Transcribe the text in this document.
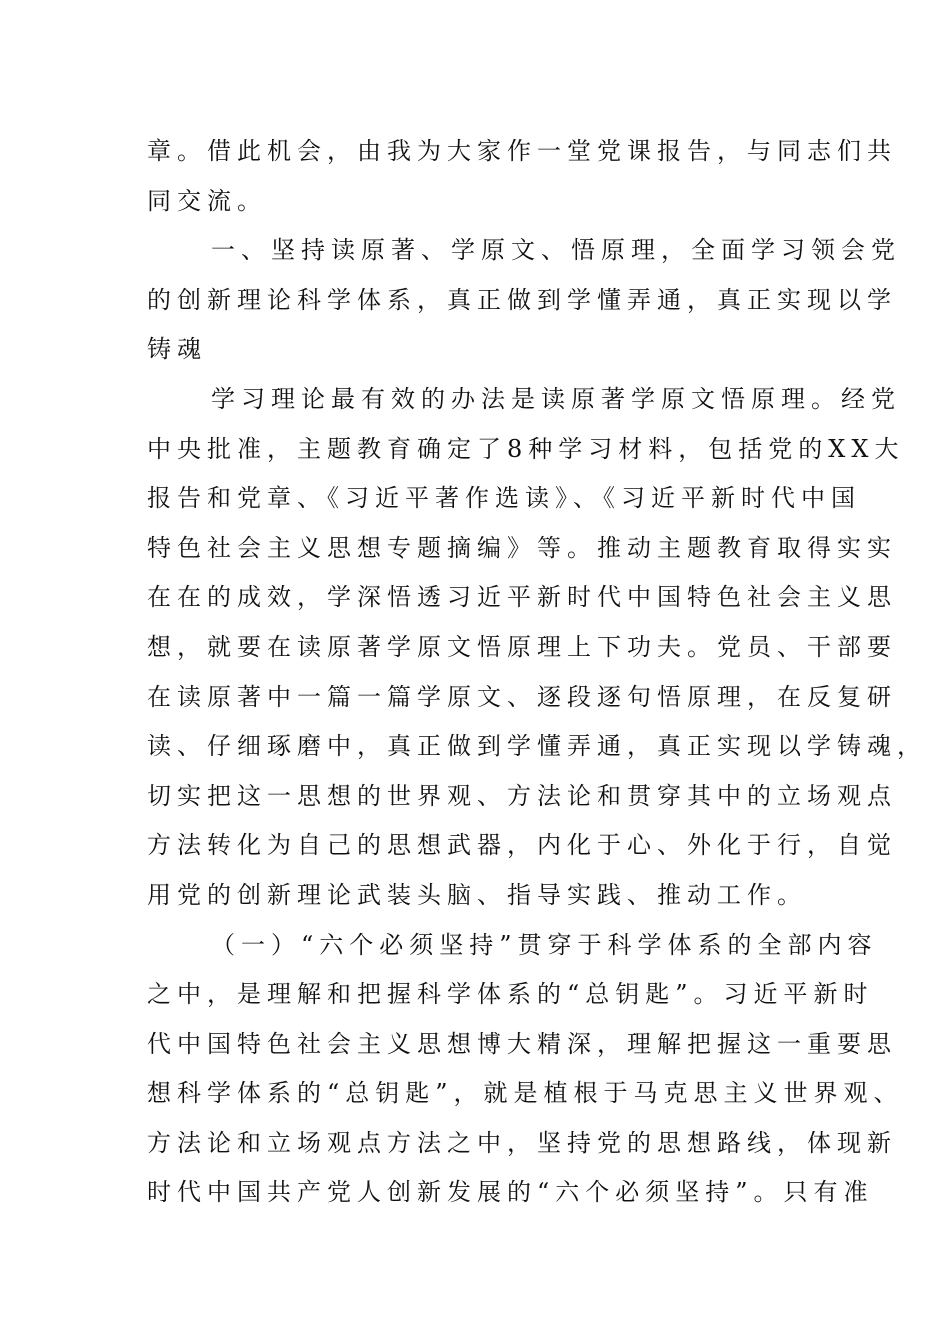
章。借此机会，由我为大家作一堂党课报告，与同志们共
同交流。
一、坚持读原著、学原文、悟原理，全面学习领会党
的创新理论科学体系，真正做到学懂弄通，真正实现以学
铸魂
学习理论最有效的办法是读原著学原文悟原理。经党
中央批准，主题教育确定了8种学习材料，包括党的XX大
报告和党章、《习近平著作选读》、《习近平新时代中国
特色社会主义思想专题摘编》等。推动主题教育取得实实
在在的成效，学深悟透习近平新时代中国特色社会主义思
想，就要在读原著学原文悟原理上下功夫。党员、干部要
在读原著中一篇一篇学原文、逐段逐句悟原理，在反复研
读、仔细琢磨中，真正做到学懂弄通，真正实现以学铸魂，
切实把这一思想的世界观、方法论和贯穿其中的立场观点
方法转化为自己的思想武器，内化于心、外化于行，自觉
用党的创新理论武装头脑、指导实践、推动工作。
（一）“六个必须坚持”贯穿于科学体系的全部内容
之中，是理解和把握科学体系的“总钥匙”。习近平新时
代中国特色社会主义思想博大精深，理解把握这一重要思
想科学体系的“总钥匙”，就是植根于马克思主义世界观、
方法论和立场观点方法之中，坚持党的思想路线，体现新
时代中国共产党人创新发展的“六个必须坚持”。只有准
